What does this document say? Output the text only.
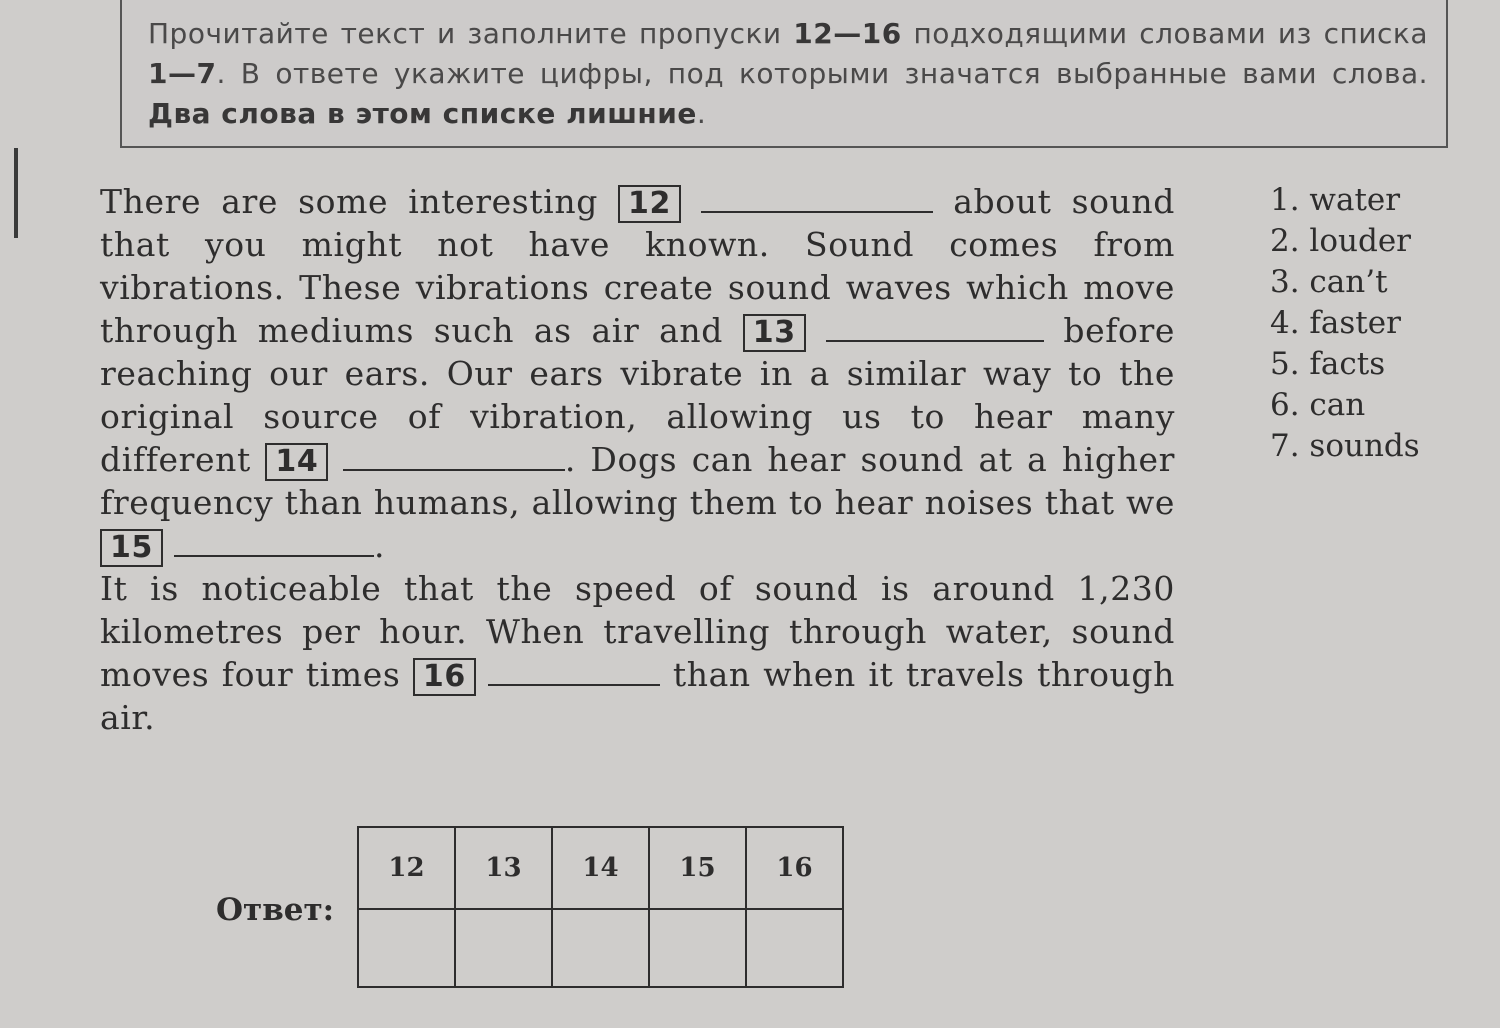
Прочитайте текст и заполните пропуски 12—16 подходящими словами из списка 1—7. В ответе укажите цифры, под которыми значатся выбранные вами слова. Два слова в этом списке лишние.
There are some interesting 12	about sound that you might not have known. Sound comes from vibrations. These vibrations create sound waves which move through mediums such as air and 13	before reaching our ears. Our ears vibrate in a similar way to the original source of vibration, allowing us to hear many different 14	. Dogs can hear sound at a higher frequency than humans, allowing them to hear noises that we 15	.
It is noticeable that the speed of sound is around 1,230 kilometres per hour. When travelling through water, sound moves four times 16	than when it travels through air.
1. water
2. louder
3. can’t
4. faster
5. facts
6. can
7. sounds
Ответ:
12	13	14	15	16
